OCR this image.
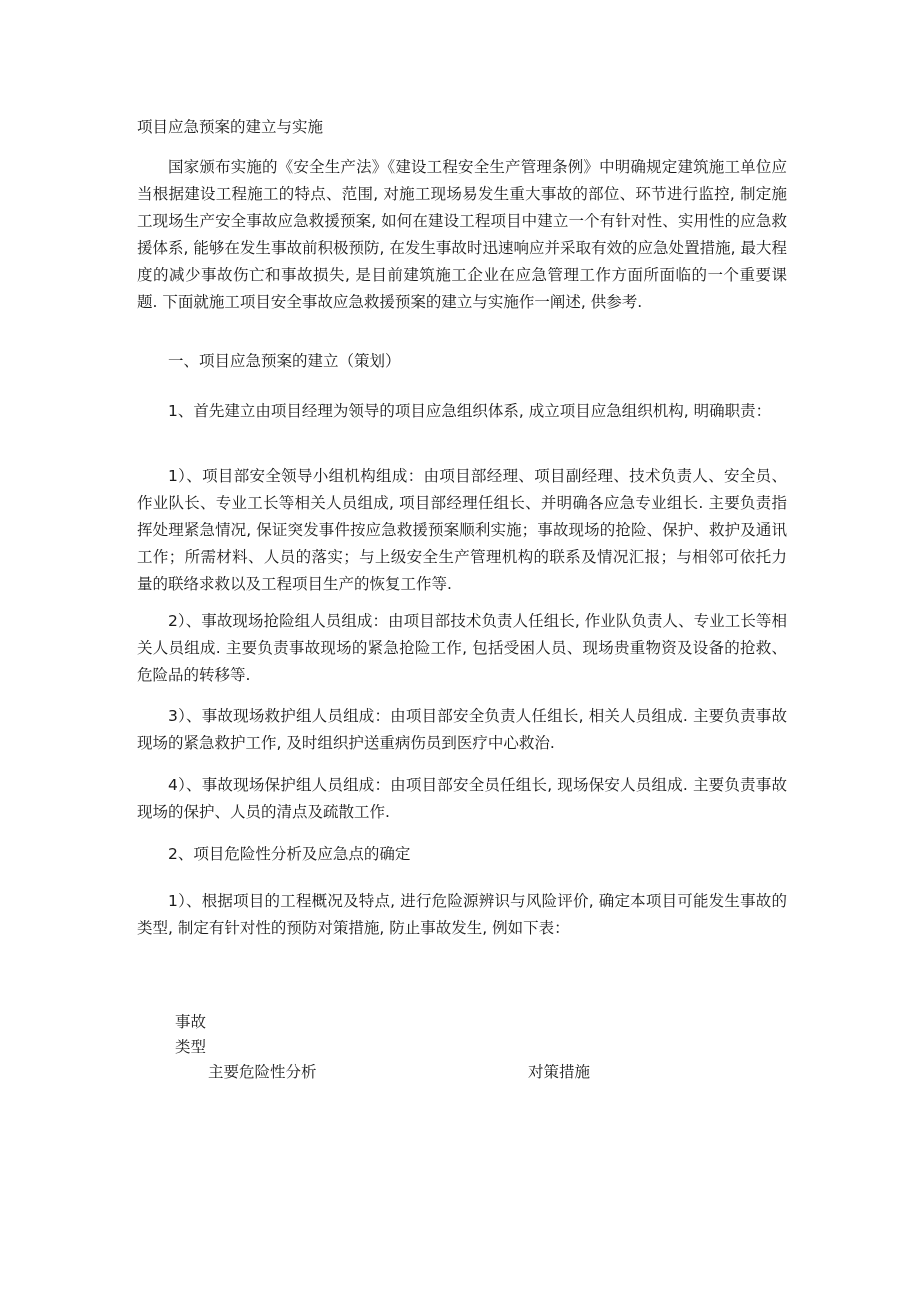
项目应急预案的建立与实施

国家颁布实施的《安全生产法》《建设工程安全生产管理条例》中明确规定建筑施工单位应当根据建设工程施工的特点、范围, 对施工现场易发生重大事故的部位、环节进行监控, 制定施工现场生产安全事故应急救援预案, 如何在建设工程项目中建立一个有针对性、实用性的应急救援体系, 能够在发生事故前积极预防, 在发生事故时迅速响应并采取有效的应急处置措施, 最大程度的减少事故伤亡和事故损失, 是目前建筑施工企业在应急管理工作方面所面临的一个重要课题. 下面就施工项目安全事故应急救援预案的建立与实施作一阐述, 供参考.

一、项目应急预案的建立（策划）

1、首先建立由项目经理为领导的项目应急组织体系, 成立项目应急组织机构, 明确职责：

1）、项目部安全领导小组机构组成：由项目部经理、项目副经理、技术负责人、安全员、作业队长、专业工长等相关人员组成, 项目部经理任组长、并明确各应急专业组长. 主要负责指挥处理紧急情况, 保证突发事件按应急救援预案顺利实施；事故现场的抢险、保护、救护及通讯工作；所需材料、人员的落实；与上级安全生产管理机构的联系及情况汇报；与相邻可依托力量的联络求救以及工程项目生产的恢复工作等.

2）、事故现场抢险组人员组成：由项目部技术负责人任组长, 作业队负责人、专业工长等相关人员组成. 主要负责事故现场的紧急抢险工作, 包括受困人员、现场贵重物资及设备的抢救、危险品的转移等.

3）、事故现场救护组人员组成：由项目部安全负责人任组长, 相关人员组成. 主要负责事故现场的紧急救护工作, 及时组织护送重病伤员到医疗中心救治.

4）、事故现场保护组人员组成：由项目部安全员任组长, 现场保安人员组成. 主要负责事故现场的保护、人员的清点及疏散工作.

2、项目危险性分析及应急点的确定

1）、根据项目的工程概况及特点, 进行危险源辨识与风险评价, 确定本项目可能发生事故的类型, 制定有针对性的预防对策措施, 防止事故发生, 例如下表：

事故类型
主要危险性分析	对策措施
